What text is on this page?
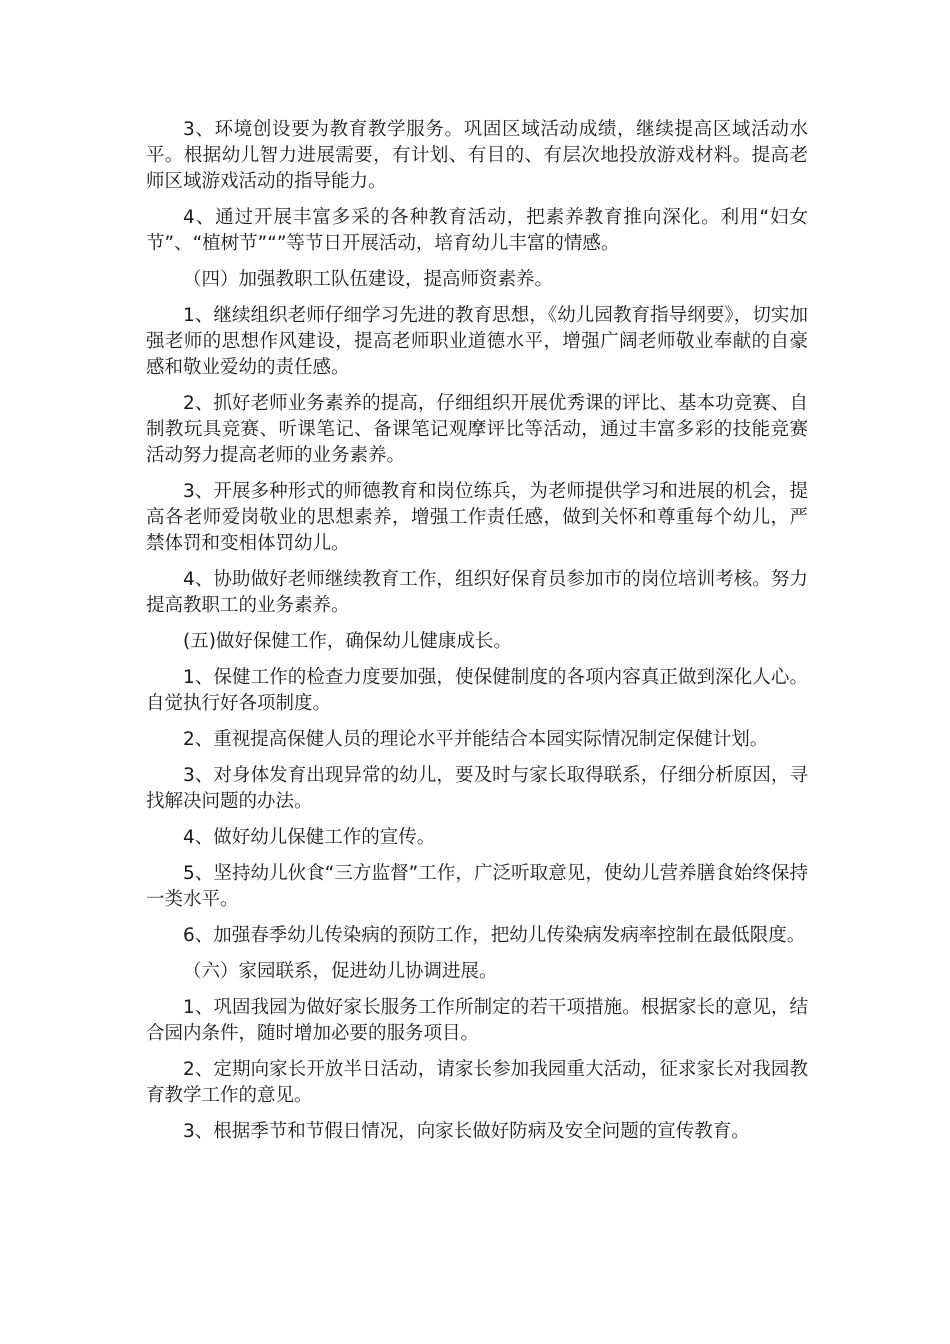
3、环境创设要为教育教学服务。巩固区域活动成绩，继续提高区域活动水平。根据幼儿智力进展需要，有计划、有目的、有层次地投放游戏材料。提高老师区域游戏活动的指导能力。

4、通过开展丰富多采的各种教育活动，把素养教育推向深化。利用“妇女节”、“植树节”“”等节日开展活动，培育幼儿丰富的情感。

（四）加强教职工队伍建设，提高师资素养。

1、继续组织老师仔细学习先进的教育思想，《幼儿园教育指导纲要》，切实加强老师的思想作风建设，提高老师职业道德水平，增强广阔老师敬业奉献的自豪感和敬业爱幼的责任感。

2、抓好老师业务素养的提高，仔细组织开展优秀课的评比、基本功竞赛、自制教玩具竞赛、听课笔记、备课笔记观摩评比等活动，通过丰富多彩的技能竞赛活动努力提高老师的业务素养。

3、开展多种形式的师德教育和岗位练兵，为老师提供学习和进展的机会，提高各老师爱岗敬业的思想素养，增强工作责任感，做到关怀和尊重每个幼儿，严禁体罚和变相体罚幼儿。

4、协助做好老师继续教育工作，组织好保育员参加市的岗位培训考核。努力提高教职工的业务素养。

(五)做好保健工作，确保幼儿健康成长。

1、保健工作的检查力度要加强，使保健制度的各项内容真正做到深化人心。自觉执行好各项制度。

2、重视提高保健人员的理论水平并能结合本园实际情况制定保健计划。

3、对身体发育出现异常的幼儿，要及时与家长取得联系，仔细分析原因，寻找解决问题的办法。

4、做好幼儿保健工作的宣传。

5、坚持幼儿伙食“三方监督”工作，广泛听取意见，使幼儿营养膳食始终保持一类水平。

6、加强春季幼儿传染病的预防工作，把幼儿传染病发病率控制在最低限度。

（六）家园联系，促进幼儿协调进展。

1、巩固我园为做好家长服务工作所制定的若干项措施。根据家长的意见，结合园内条件，随时增加必要的服务项目。

2、定期向家长开放半日活动，请家长参加我园重大活动，征求家长对我园教育教学工作的意见。

3、根据季节和节假日情况，向家长做好防病及安全问题的宣传教育。
